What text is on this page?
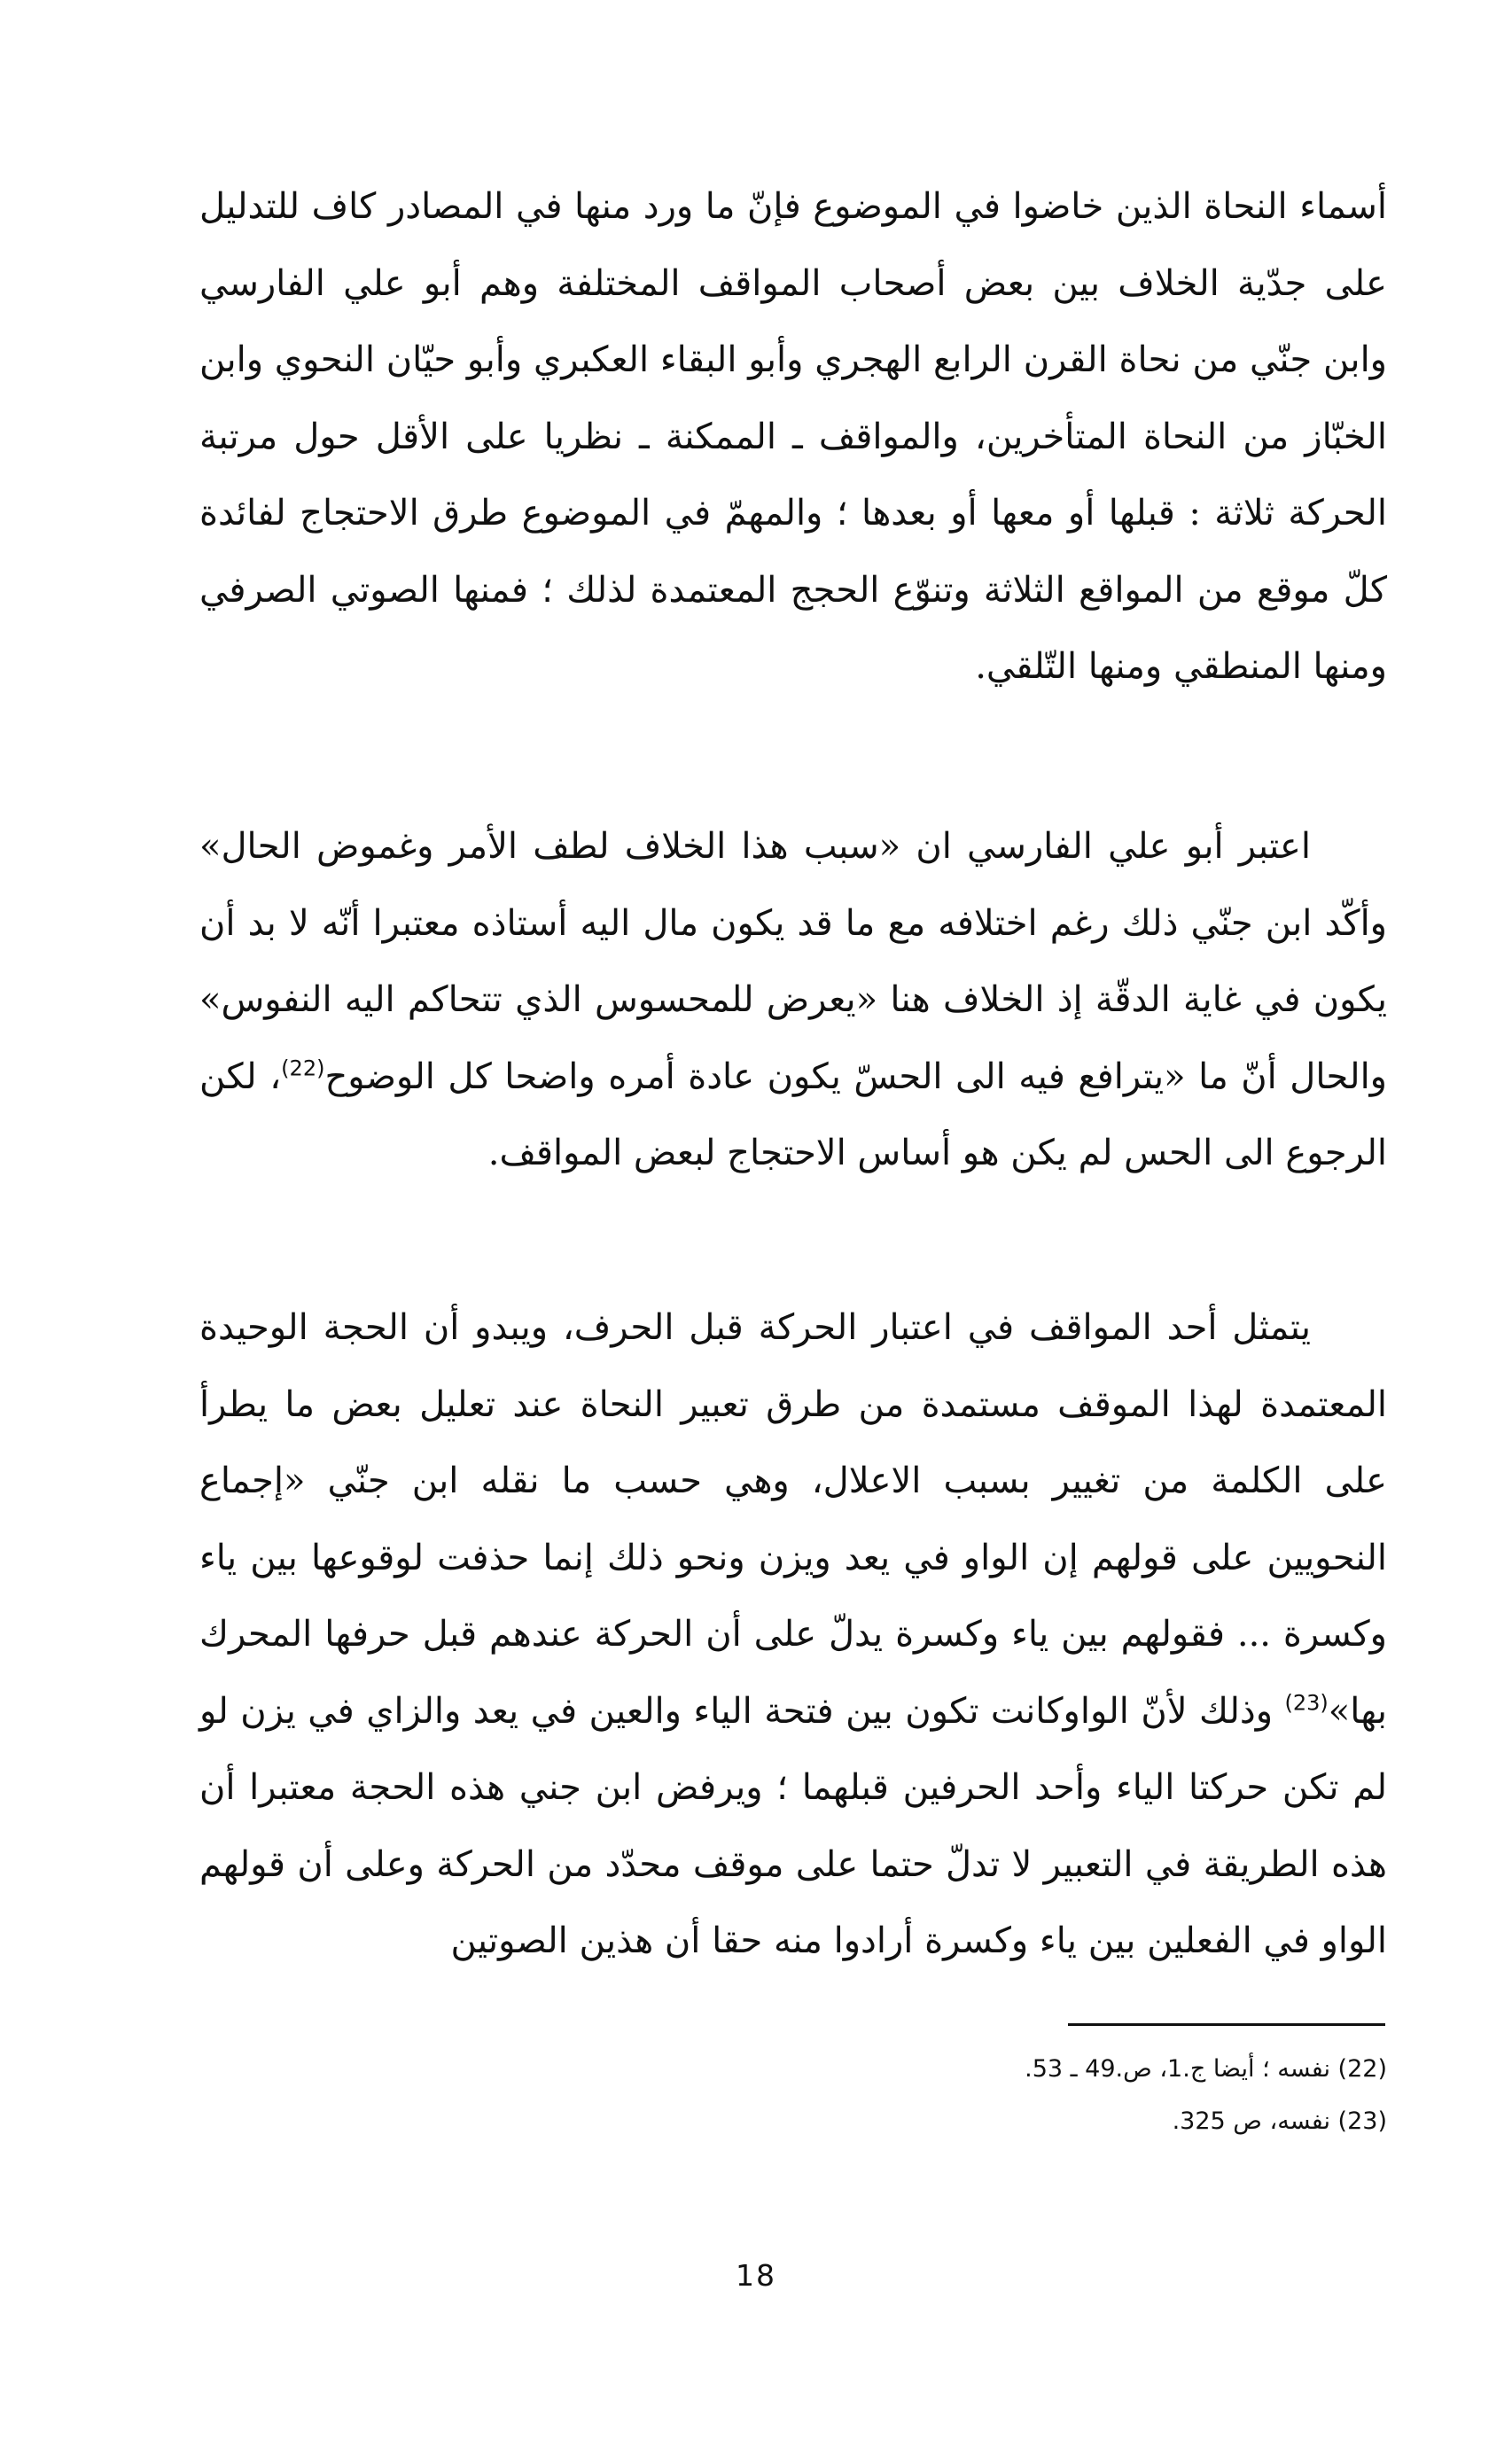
أسماء النحاة الذين خاضوا في الموضوع فإنّ ما ورد منها في المصادر كاف للتدليل على جدّية الخلاف بين بعض أصحاب المواقف المختلفة وهم أبو علي الفارسي وابن جنّي من نحاة القرن الرابع الهجري وأبو البقاء العكبري وأبو حيّان النحوي وابن الخبّاز من النحاة المتأخرين، والمواقف ـ الممكنة ـ نظريا على الأقل حول مرتبة الحركة ثلاثة : قبلها أو معها أو بعدها ؛ والمهمّ في الموضوع طرق الاحتجاج لفائدة كلّ موقع من المواقع الثلاثة وتنوّع الحجج المعتمدة لذلك ؛ فمنها الصوتي الصرفي ومنها المنطقي ومنها التّلقي.

اعتبر أبو علي الفارسي ان «سبب هذا الخلاف لطف الأمر وغموض الحال» وأكّد ابن جنّي ذلك رغم اختلافه مع ما قد يكون مال اليه أستاذه معتبرا أنّه لا بد أن يكون في غاية الدقّة إذ الخلاف هنا «يعرض للمحسوس الذي تتحاكم اليه النفوس» والحال أنّ ما «يترافع فيه الى الحسّ يكون عادة أمره واضحا كل الوضوح$^{(22)}$، لكن الرجوع الى الحس لم يكن هو أساس الاحتجاج لبعض المواقف.

يتمثل أحد المواقف في اعتبار الحركة قبل الحرف، ويبدو أن الحجة الوحيدة المعتمدة لهذا الموقف مستمدة من طرق تعبير النحاة عند تعليل بعض ما يطرأ على الكلمة من تغيير بسبب الاعلال، وهي حسب ما نقله ابن جنّي «إجماع النحويين على قولهم إن الواو في يعد ويزن ونحو ذلك إنما حذفت لوقوعها بين ياء وكسرة ... فقولهم بين ياء وكسرة يدلّ على أن الحركة عندهم قبل حرفها المحرك بها»$^{(23)}$ وذلك لأنّ الواوكانت تكون بين فتحة الياء والعين في يعد والزاي في يزن لو لم تكن حركتا الياء وأحد الحرفين قبلهما ؛ ويرفض ابن جني هذه الحجة معتبرا أن هذه الطريقة في التعبير لا تدلّ حتما على موقف محدّد من الحركة وعلى أن قولهم الواو في الفعلين بين ياء وكسرة أرادوا منه حقا أن هذين الصوتين

(22) نفسه ؛ أيضا ج.1، ص.49 ـ 53.
(23) نفسه، ص 325.
18
